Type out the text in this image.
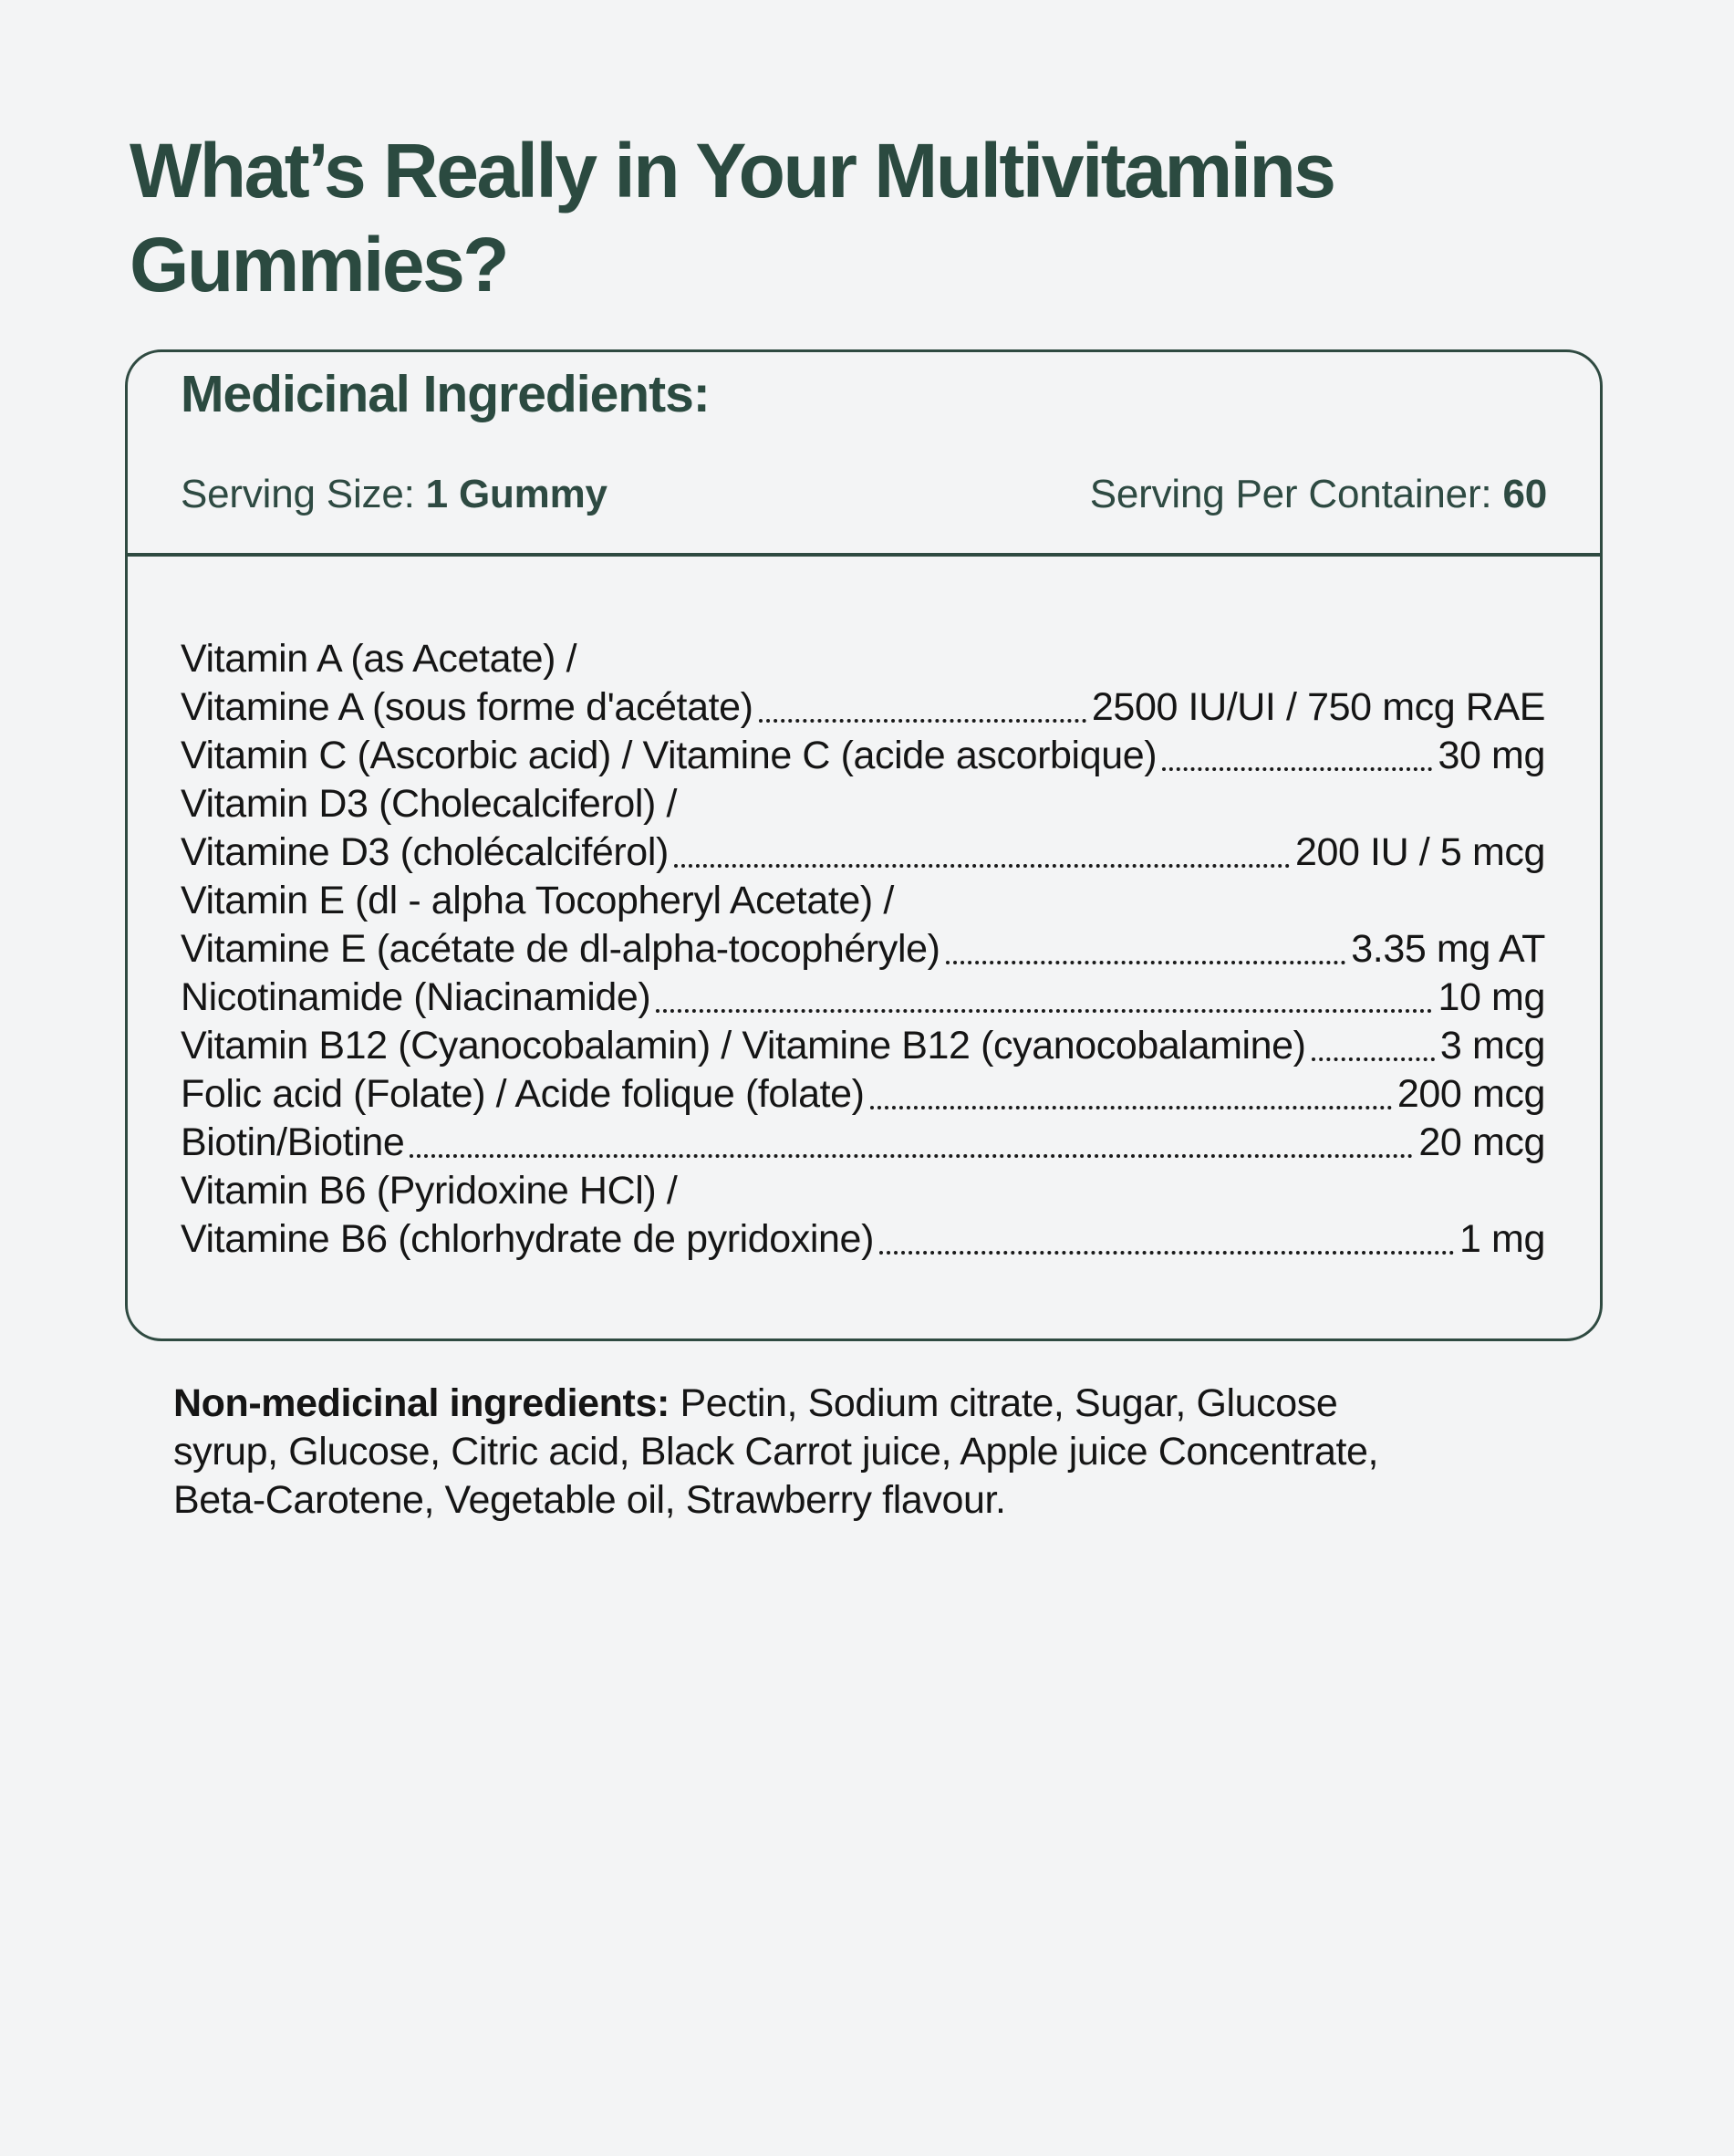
What’s Really in Your Multivitamins
Gummies?
Medicinal Ingredients:
Serving Size: 1 Gummy	Serving Per Container: 60
Vitamin A (as Acetate) /
Vitamine A (sous forme d'acétate)	2500 IU/UI / 750 mcg RAE
Vitamin C (Ascorbic acid) / Vitamine C (acide ascorbique)	30 mg
Vitamin D3 (Cholecalciferol) /
Vitamine D3 (cholécalciférol)	200 IU / 5 mcg
Vitamin E (dl - alpha Tocopheryl Acetate) /
Vitamine E (acétate de dl-alpha-tocophéryle)	3.35 mg AT
Nicotinamide (Niacinamide)	10 mg
Vitamin B12 (Cyanocobalamin) / Vitamine B12 (cyanocobalamine)	3 mcg
Folic acid (Folate) / Acide folique (folate)	200 mcg
Biotin/Biotine	20 mcg
Vitamin B6 (Pyridoxine HCl) /
Vitamine B6 (chlorhydrate de pyridoxine)	1 mg

Non-medicinal ingredients: Pectin, Sodium citrate, Sugar, Glucose
syrup, Glucose, Citric acid, Black Carrot juice, Apple juice Concentrate,
Beta-Carotene, Vegetable oil, Strawberry flavour.
